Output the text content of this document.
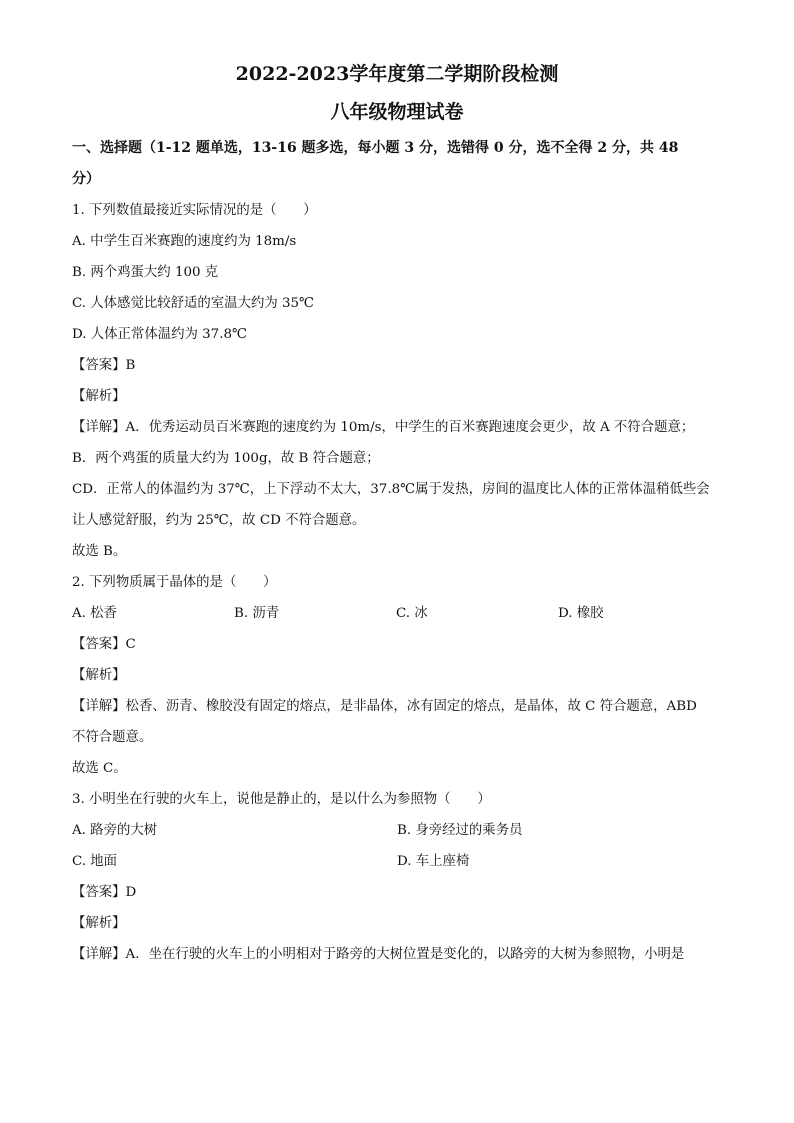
2022-2023学年度第二学期阶段检测

八年级物理试卷

一、选择题（1-12 题单选，13-16 题多选，每小题 3 分，选错得 0 分，选不全得 2 分，共 48

分）

1. 下列数值最接近实际情况的是（　　）

A. 中学生百米赛跑的速度约为 18m/s

B. 两个鸡蛋大约 100 克

C. 人体感觉比较舒适的室温大约为 35℃

D. 人体正常体温约为 37.8℃

【答案】B

【解析】

【详解】A．优秀运动员百米赛跑的速度约为 10m/s，中学生的百米赛跑速度会更少，故 A 不符合题意；

B．两个鸡蛋的质量大约为 100g，故 B 符合题意；

CD．正常人的体温约为 37℃，上下浮动不太大，37.8℃属于发热，房间的温度比人体的正常体温稍低些会

让人感觉舒服，约为 25℃，故 CD 不符合题意。

故选 B。

2. 下列物质属于晶体的是（　　）

A. 松香	B. 沥青	C. 冰	D. 橡胶

【答案】C

【解析】

【详解】松香、沥青、橡胶没有固定的熔点，是非晶体，冰有固定的熔点，是晶体，故 C 符合题意，ABD

不符合题意。

故选 C。

3. 小明坐在行驶的火车上，说他是静止的，是以什么为参照物（　　）

A. 路旁的大树	B. 身旁经过的乘务员
C. 地面	D. 车上座椅

【答案】D

【解析】

【详解】A．坐在行驶的火车上的小明相对于路旁的大树位置是变化的，以路旁的大树为参照物，小明是
